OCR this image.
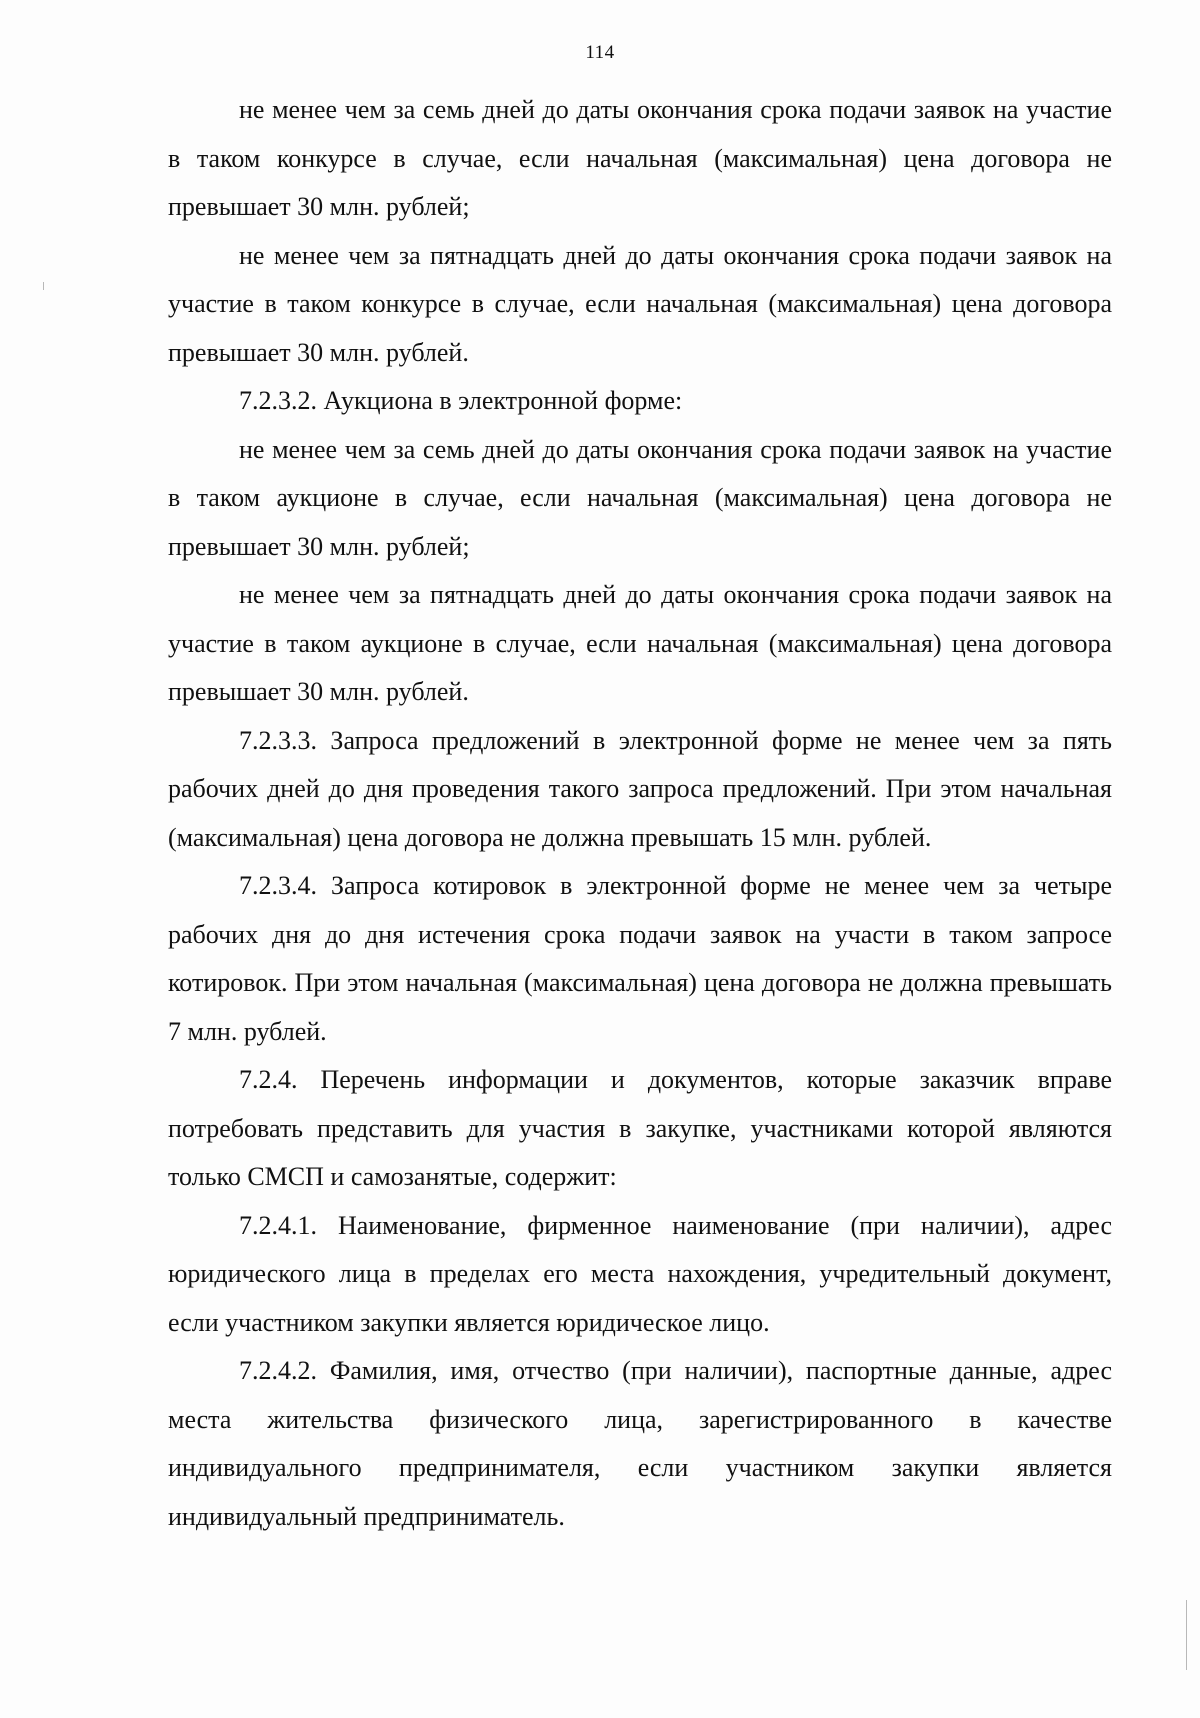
114

не менее чем за семь дней до даты окончания срока подачи заявок на участие в таком конкурсе в случае, если начальная (максимальная) цена договора не превышает 30 млн. рублей;

не менее чем за пятнадцать дней до даты окончания срока подачи заявок на участие в таком конкурсе в случае, если начальная (максимальная) цена договора превышает 30 млн. рублей.

7.2.3.2. Аукциона в электронной форме:

не менее чем за семь дней до даты окончания срока подачи заявок на участие в таком аукционе в случае, если начальная (максимальная) цена договора не превышает 30 млн. рублей;

не менее чем за пятнадцать дней до даты окончания срока подачи заявок на участие в таком аукционе в случае, если начальная (максимальная) цена договора превышает 30 млн. рублей.

7.2.3.3. Запроса предложений в электронной форме не менее чем за пять рабочих дней до дня проведения такого запроса предложений. При этом начальная (максимальная) цена договора не должна превышать 15 млн. рублей.

7.2.3.4. Запроса котировок в электронной форме не менее чем за четыре рабочих дня до дня истечения срока подачи заявок на участи в таком запросе котировок. При этом начальная (максимальная) цена договора не должна превышать 7 млн. рублей.

7.2.4. Перечень информации и документов, которые заказчик вправе потребовать представить для участия в закупке, участниками которой являются только СМСП и самозанятые, содержит:

7.2.4.1. Наименование, фирменное наименование (при наличии), адрес юридического лица в пределах его места нахождения, учредительный документ, если участником закупки является юридическое лицо.

7.2.4.2. Фамилия, имя, отчество (при наличии), паспортные данные, адрес места жительства физического лица, зарегистрированного в качестве индивидуального предпринимателя, если участником закупки является индивидуальный предприниматель.
